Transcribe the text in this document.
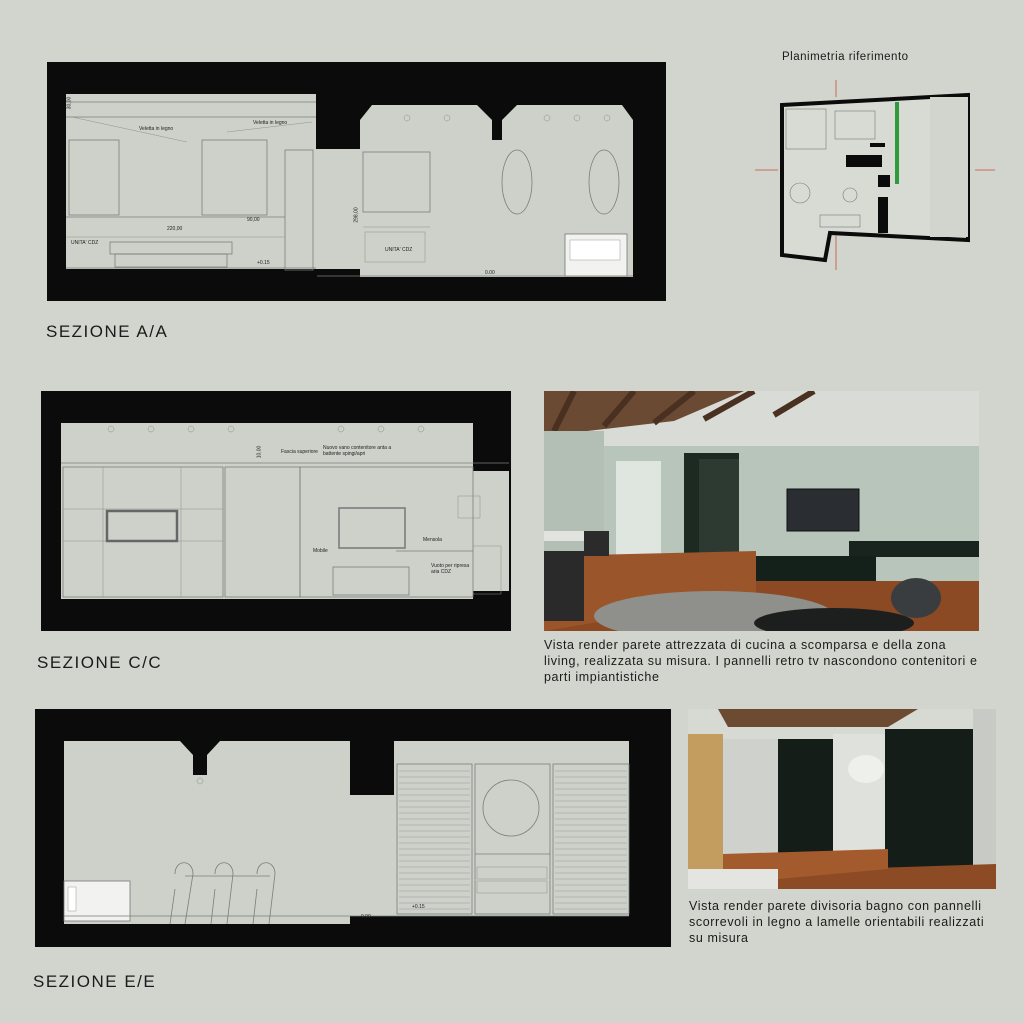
Veletta in legno
Veletta in legno
220,00
90,00	298,00
30,00
UNITA' CDZ
UNITA' CDZ
+0.15
0.00
SEZIONE A/A
Planimetria riferimento
Fascia superiore
Nuovo vano contenitore anta a battente spingi/apri
Mensola
Mobile
Vuoto per ripresa aria CDZ
10,00
SEZIONE C/C
Vista render parete attrezzata di cucina a scomparsa e della zona living, realizzata su misura. I pannelli retro tv nascondono contenitori e parti impiantistiche
0.00
+0.15
SEZIONE E/E
Vista render parete divisoria bagno con pannelli scorrevoli in legno a lamelle orientabili realizzati su misura
